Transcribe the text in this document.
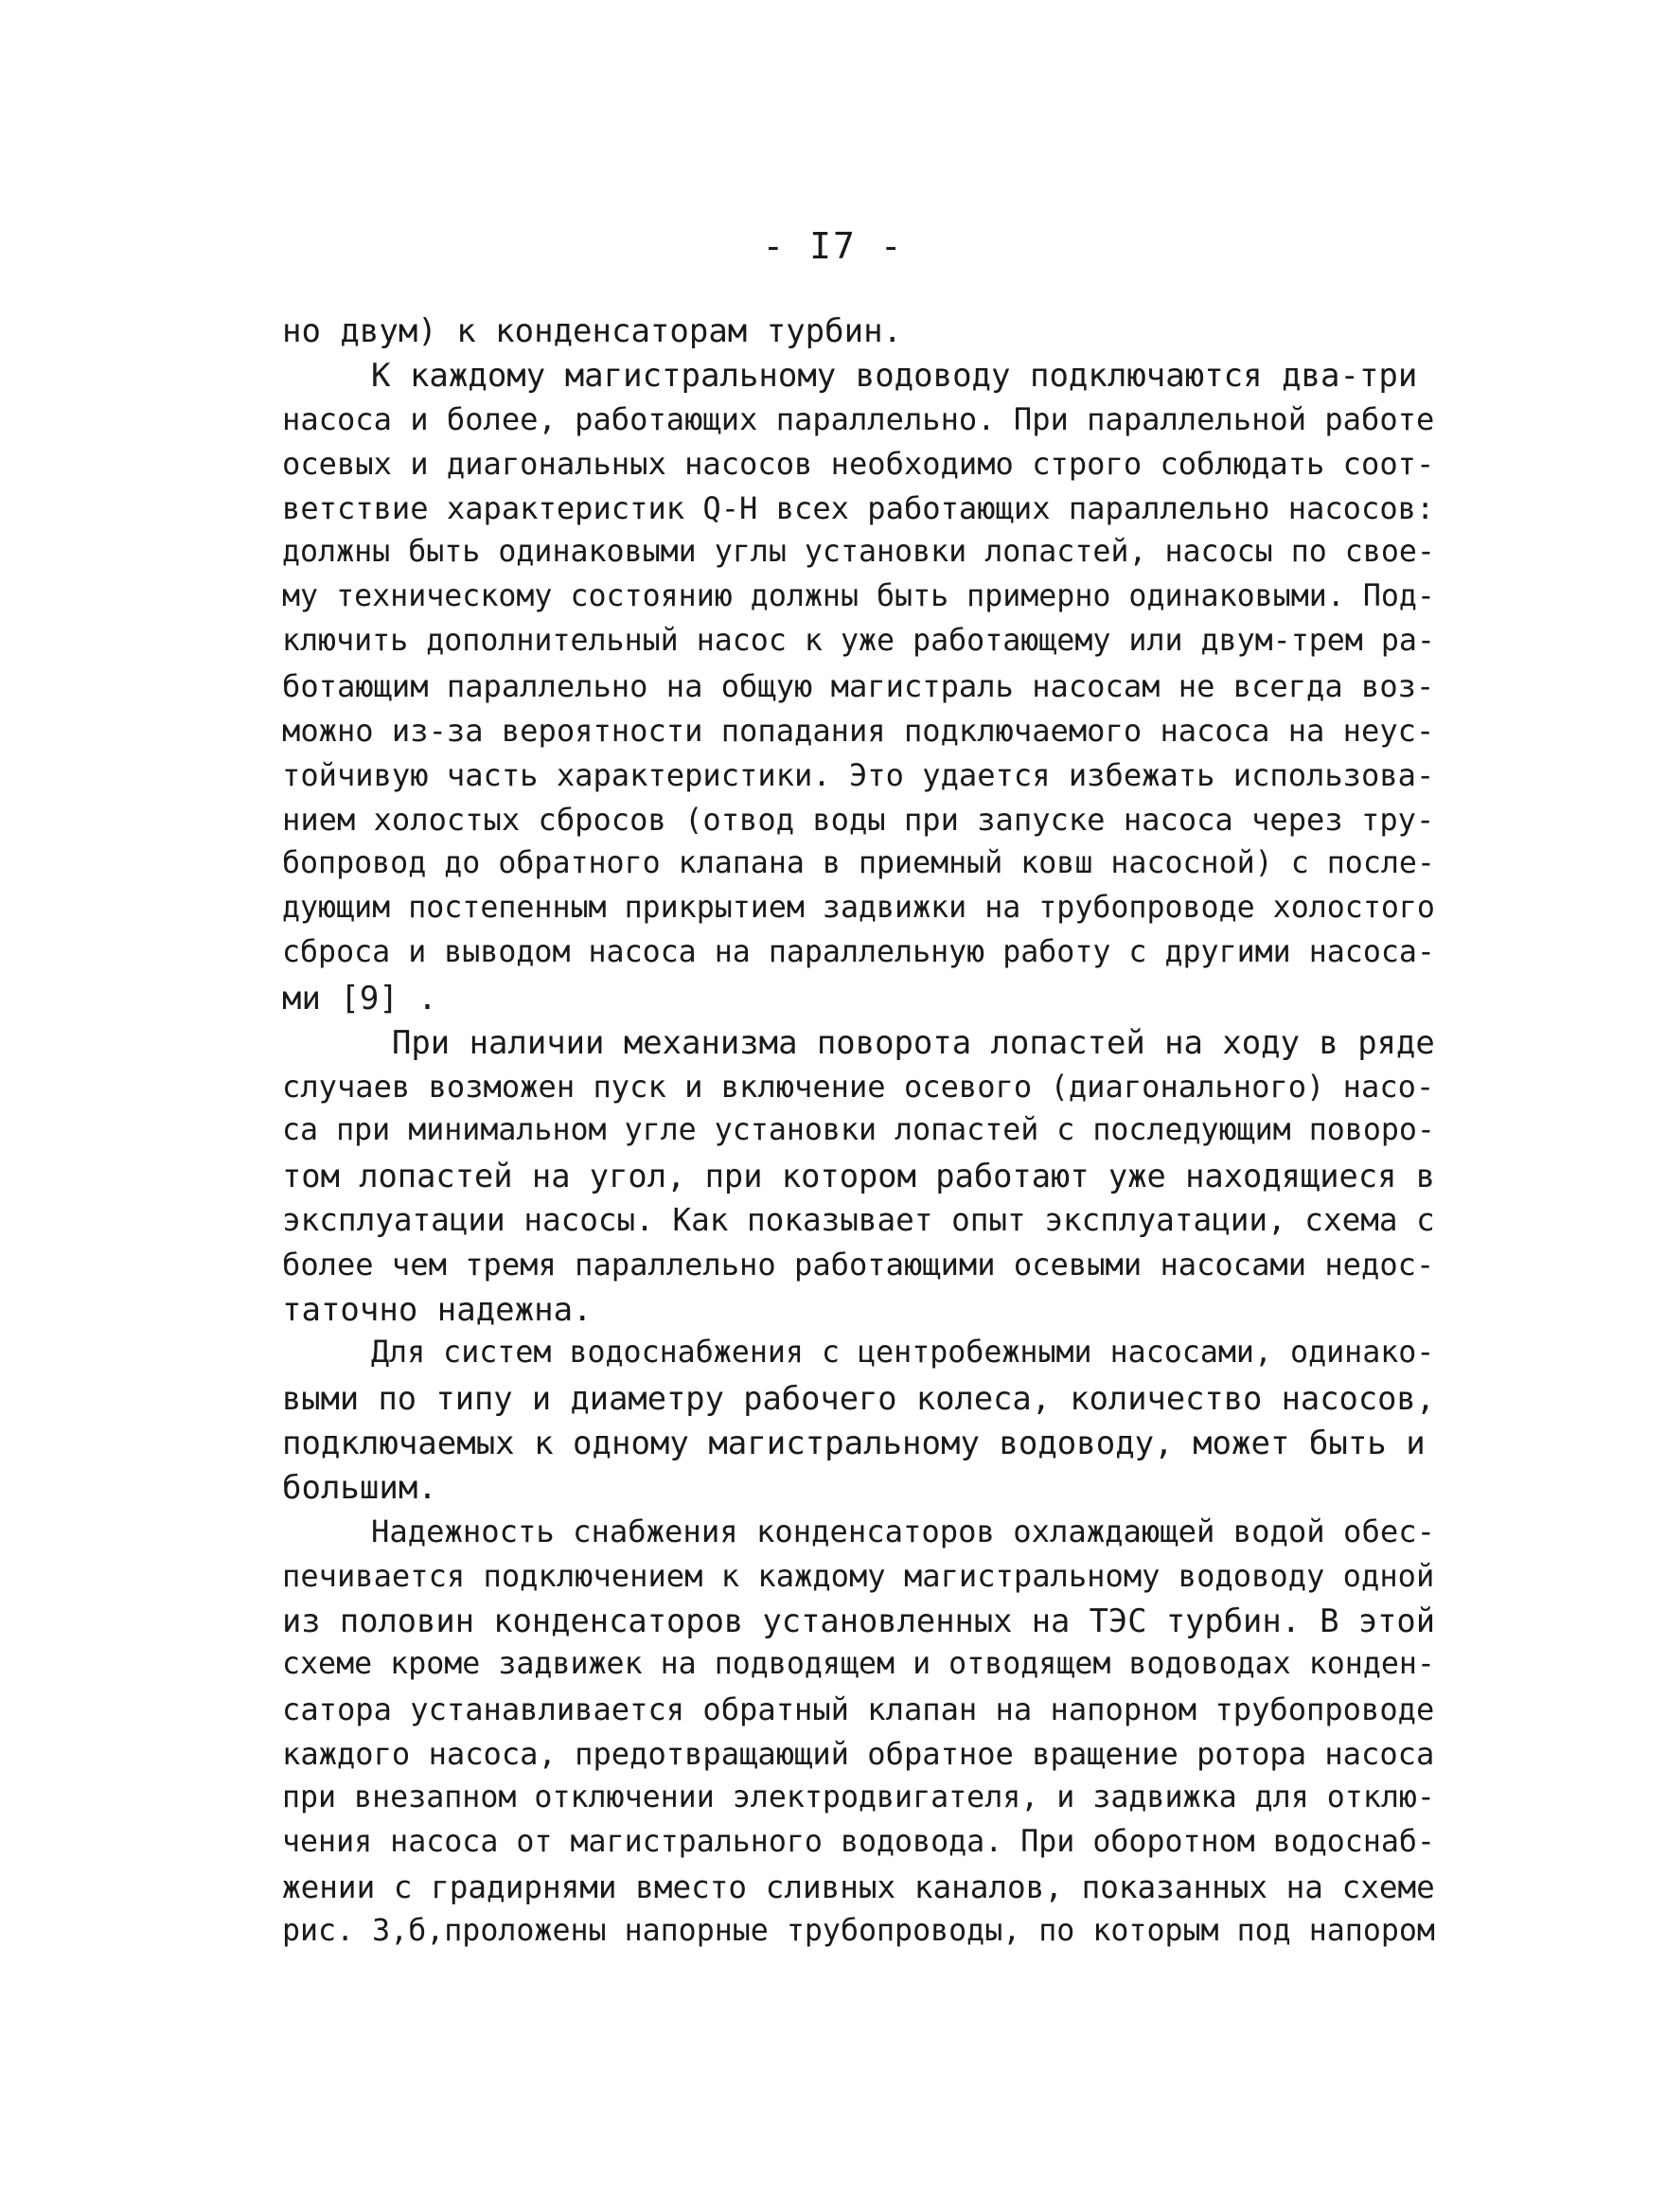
- I7 -
но двум) к конденсаторам турбин.
К каждому магистральному водоводу подключаются два-три
насоса и более, работающих параллельно. При параллельной работе
осевых и диагональных насосов необходимо строго соблюдать соот-
ветствие характеристик Q-H всех работающих параллельно насосов:
должны быть одинаковыми углы установки лопастей, насосы по свое-
му техническому состоянию должны быть примерно одинаковыми. Под-
ключить дополнительный насос к уже работающему или двум-трем ра-
ботающим параллельно на общую магистраль насосам не всегда воз-
можно из-за вероятности попадания подключаемого насоса на неус-
тойчивую часть характеристики. Это удается избежать использова-
нием холостых сбросов (отвод воды при запуске насоса через тру-
бопровод до обратного клапана в приемный ковш насосной) с после-
дующим постепенным прикрытием задвижки на трубопроводе холостого
сброса и выводом насоса на параллельную работу с другими насоса-
ми [9] .
При наличии механизма поворота лопастей на ходу в ряде
случаев возможен пуск и включение осевого (диагонального) насо-
са при минимальном угле установки лопастей с последующим поворо-
том лопастей на угол, при котором работают уже находящиеся в
эксплуатации насосы. Как показывает опыт эксплуатации, схема с
более чем тремя параллельно работающими осевыми насосами недос-
таточно надежна.
Для систем водоснабжения с центробежными насосами, одинако-
выми по типу и диаметру рабочего колеса, количество насосов,
подключаемых к одному магистральному водоводу, может быть и
большим.
Надежность снабжения конденсаторов охлаждающей водой обес-
печивается подключением к каждому магистральному водоводу одной
из половин конденсаторов установленных на ТЭС турбин. В этой
схеме кроме задвижек на подводящем и отводящем водоводах конден-
сатора устанавливается обратный клапан на напорном трубопроводе
каждого насоса, предотвращающий обратное вращение ротора насоса
при внезапном отключении электродвигателя, и задвижка для отклю-
чения насоса от магистрального водовода. При оборотном водоснаб-
жении с градирнями вместо сливных каналов, показанных на схеме
рис. 3,б,проложены напорные трубопроводы, по которым под напором
